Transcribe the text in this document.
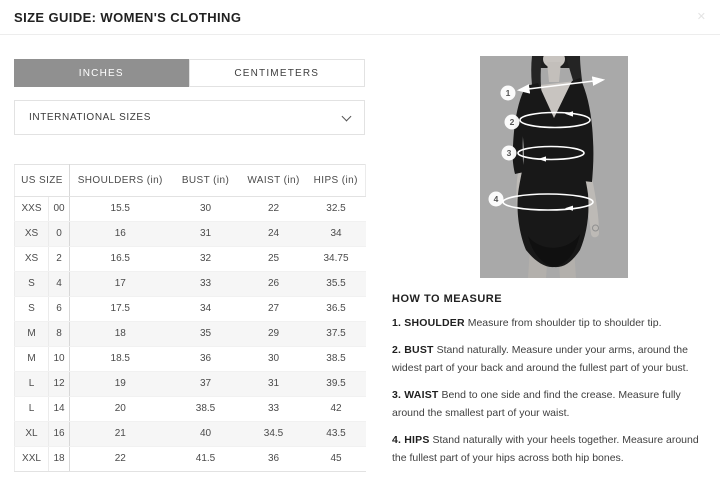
SIZE GUIDE: WOMEN'S CLOTHING	✕
INCHES	CENTIMETERS
INTERNATIONAL SIZES
US SIZE		SHOULDERS (in)	BUST (in)	WAIST (in)	HIPS (in)
XXS	00	15.5	30	22	32.5
XS	0	16	31	24	34
XS	2	16.5	32	25	34.75
S	4	17	33	26	35.5
S	6	17.5	34	27	36.5
M	8	18	35	29	37.5
M	10	18.5	36	30	38.5
L	12	19	37	31	39.5
L	14	20	38.5	33	42
XL	16	21	40	34.5	43.5
XXL	18	22	41.5	36	45
1
2
3
4
HOW TO MEASURE

1. SHOULDER Measure from shoulder tip to shoulder tip.

2. BUST Stand naturally. Measure under your arms, around the widest part of your back and around the fullest part of your bust.

3. WAIST Bend to one side and find the crease. Measure fully around the smallest part of your waist.

4. HIPS Stand naturally with your heels together. Measure around the fullest part of your hips across both hip bones.
